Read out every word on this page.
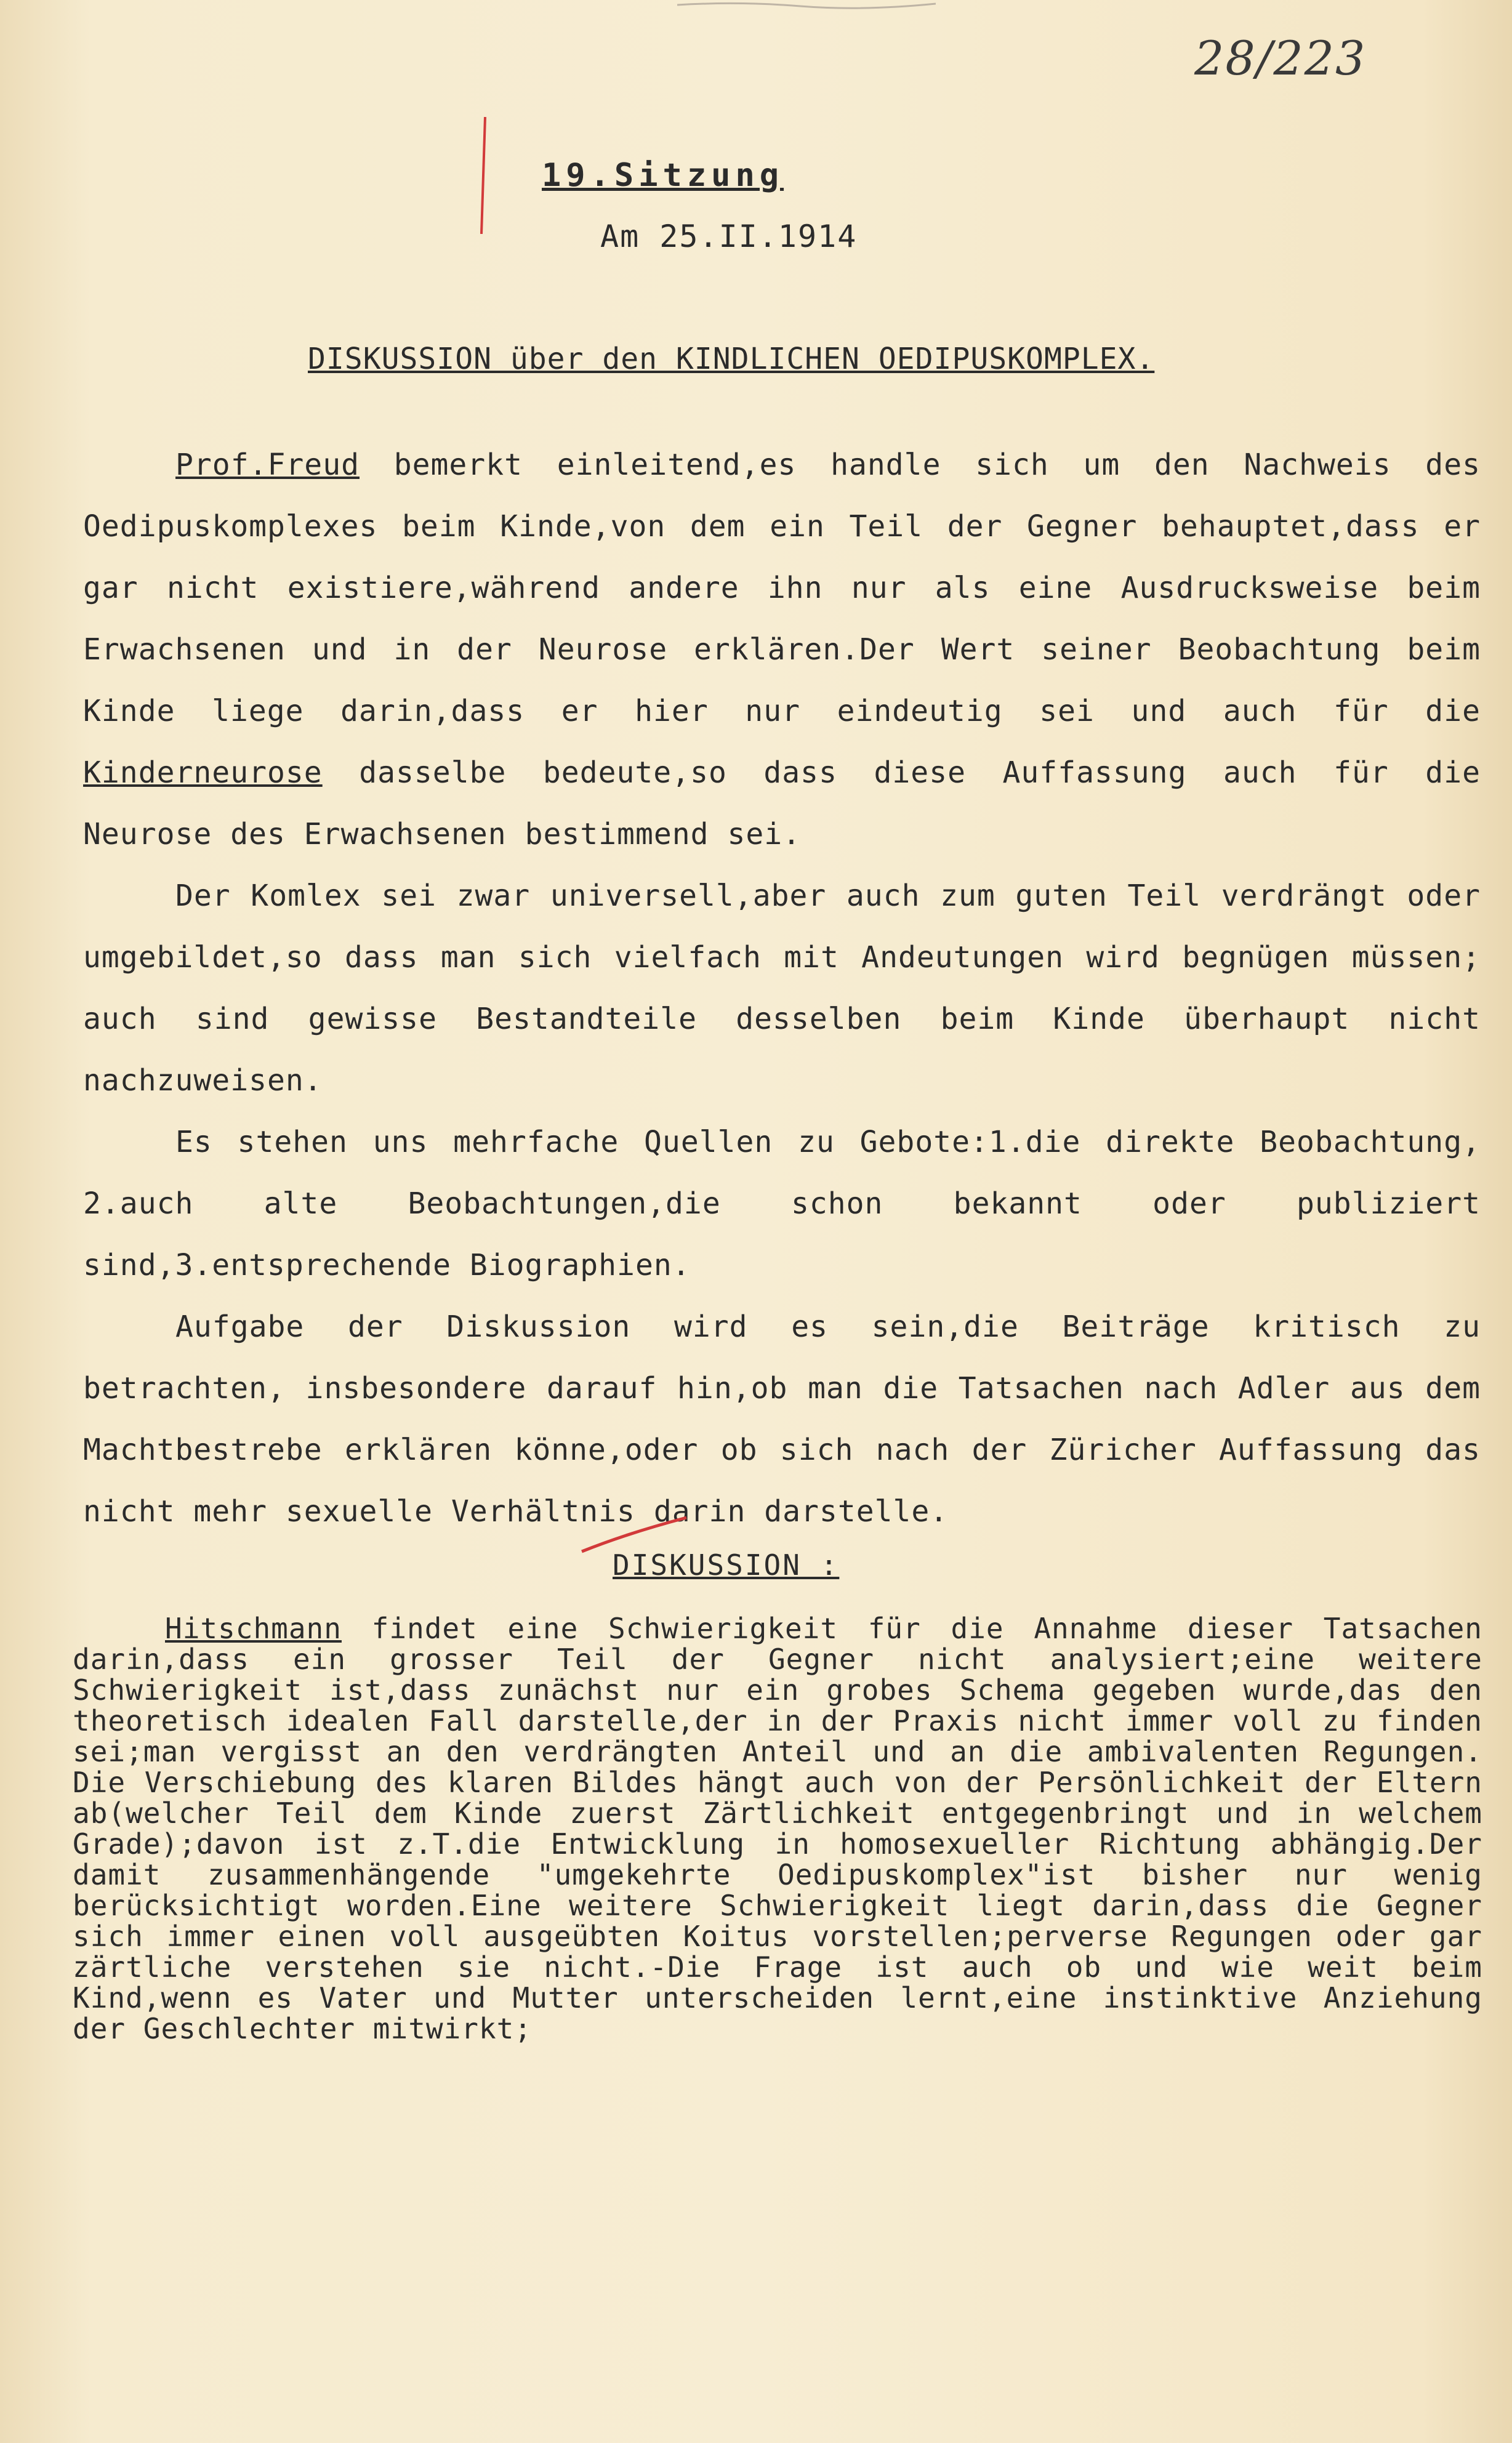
28/223
19.Sitzung
Am 25.II.1914
DISKUSSION über den KINDLICHEN OEDIPUSKOMPLEX.

Prof.Freud bemerkt einleitend,es handle sich um den Nachweis des Oedipuskomplexes beim Kinde,von dem ein Teil der Gegner behauptet,dass er gar nicht existiere,während andere ihn nur als eine Ausdrucksweise beim Erwachsenen und in der Neurose erklären.Der Wert seiner Beobachtung beim Kinde liege darin,dass er hier nur eindeutig sei und auch für die Kinderneurose dasselbe bedeute,so dass diese Auffassung auch für die Neurose des Erwachsenen bestimmend sei.

Der Komlex sei zwar universell,aber auch zum guten Teil verdrängt oder umgebildet,so dass man sich vielfach mit Andeutungen wird begnügen müssen; auch sind gewisse Bestandteile desselben beim Kinde überhaupt nicht nachzuweisen.

Es stehen uns mehrfache Quellen zu Gebote:1.die direkte Beobachtung, 2.auch alte Beobachtungen,die schon bekannt oder publiziert sind,3.entsprechende Biographien.

Aufgabe der Diskussion wird es sein,die Beiträge kritisch zu betrachten, insbesondere darauf hin,ob man die Tatsachen nach Adler aus dem Machtbestrebe erklären könne,oder ob sich nach der Züricher Auffassung das nicht mehr sexuelle Verhältnis darin darstelle.

DISKUSSION :

Hitschmann findet eine Schwierigkeit für die Annahme dieser Tatsachen darin,dass ein grosser Teil der Gegner nicht analysiert;eine weitere Schwierigkeit ist,dass zunächst nur ein grobes Schema gegeben wurde,das den theoretisch idealen Fall darstelle,der in der Praxis nicht immer voll zu finden sei;man vergisst an den verdrängten Anteil und an die ambivalenten Regungen. Die Verschiebung des klaren Bildes hängt auch von der Persönlichkeit der Eltern ab(welcher Teil dem Kinde zuerst Zärtlichkeit entgegenbringt und in welchem Grade);davon ist z.T.die Entwicklung in homosexueller Richtung abhängig.Der damit zusammenhängende "umgekehrte Oedipuskomplex"ist bisher nur wenig berücksichtigt worden.Eine weitere Schwierigkeit liegt darin,dass die Gegner sich immer einen voll ausgeübten Koitus vorstellen;perverse Regungen oder gar zärtliche verstehen sie nicht.-Die Frage ist auch ob und wie weit beim Kind,wenn es Vater und Mutter unterscheiden lernt,eine instinktive Anziehung der Geschlechter mitwirkt;
